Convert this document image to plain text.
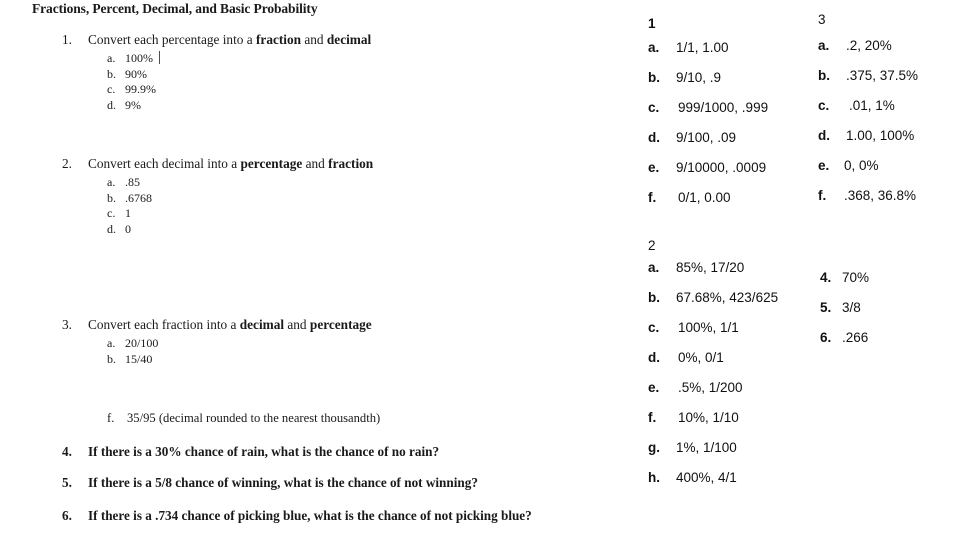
Fractions, Percent, Decimal, and Basic Probability
1.	Convert each percentage into a fraction and decimal
a. 100%
b. 90%
c. 99.9%
d. 9%
2.	Convert each decimal into a percentage and fraction
a. .85
b. .6768
c. 1
d. 0
3.	Convert each fraction into a decimal and percentage
a. 20/100
b. 15/40
f. 35/95 (decimal rounded to the nearest thousandth)
4. If there is a 30% chance of rain, what is the chance of no rain?
5. If there is a 5/8 chance of winning, what is the chance of not winning?
6. If there is a .734 chance of picking blue, what is the chance of not picking blue?
1
a. 1/1, 1.00
b. 9/10, .9
c. 999/1000, .999
d. 9/100, .09
e. 9/10000, .0009
f. 0/1, 0.00
2
a. 85%, 17/20
b. 67.68%, 423/625
c. 100%, 1/1
d. 0%, 0/1
e. .5%, 1/200
f. 10%, 1/10
g. 1%, 1/100
h. 400%, 4/1
3
a. .2, 20%
b. .375, 37.5%
c. .01, 1%
d. 1.00, 100%
e. 0, 0%
f. .368, 36.8%
4. 70%
5. 3/8
6. .266
